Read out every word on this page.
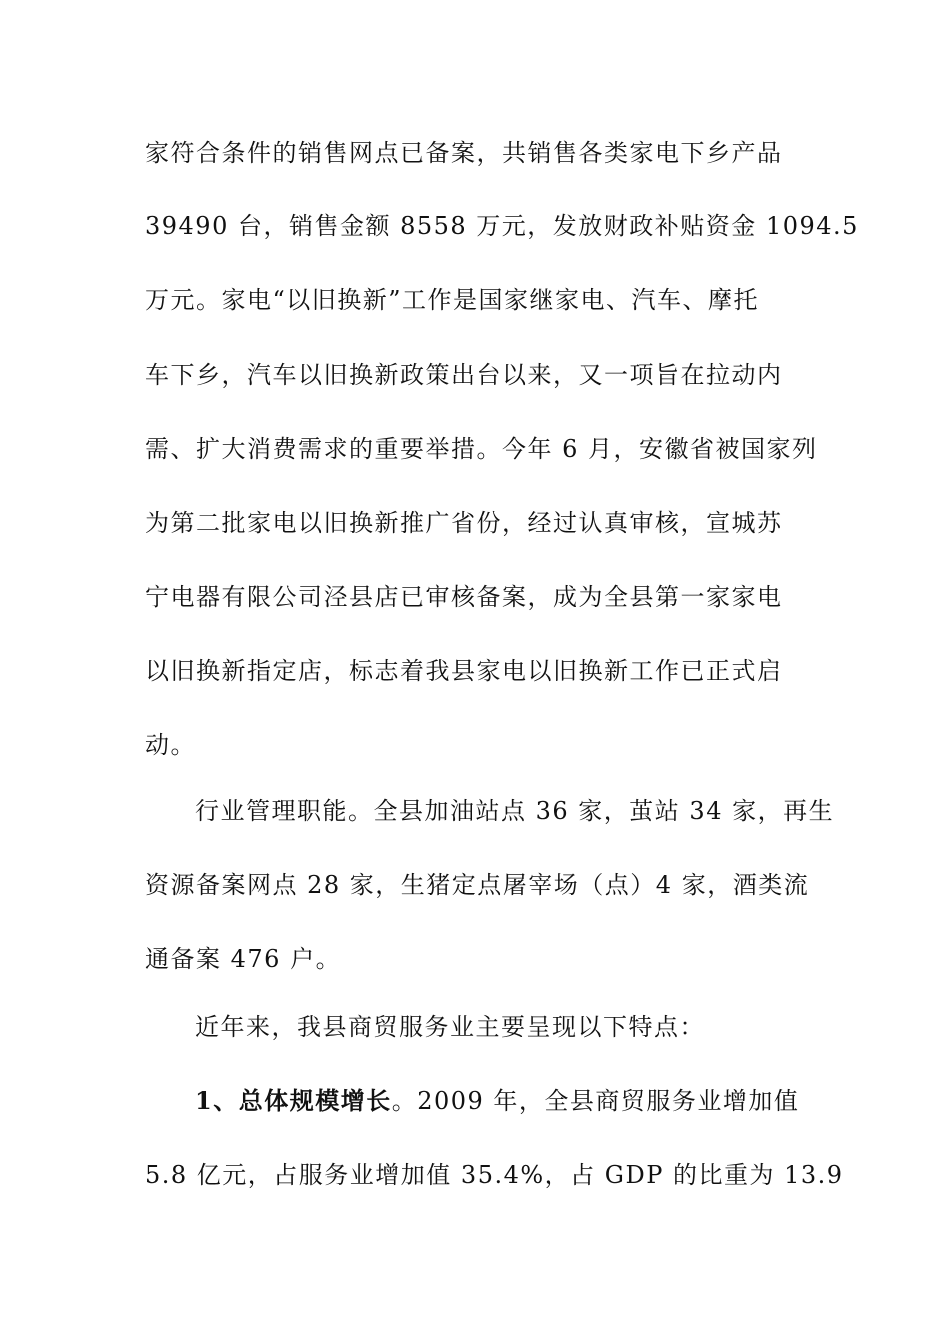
家符合条件的销售网点已备案，共销售各类家电下乡产品
39490 台，销售金额 8558 万元，发放财政补贴资金 1094.5
万元。家电“以旧换新”工作是国家继家电、汽车、摩托
车下乡，汽车以旧换新政策出台以来，又一项旨在拉动内
需、扩大消费需求的重要举措。今年 6 月，安徽省被国家列
为第二批家电以旧换新推广省份，经过认真审核，宣城苏
宁电器有限公司泾县店已审核备案，成为全县第一家家电
以旧换新指定店，标志着我县家电以旧换新工作已正式启
动。
行业管理职能。全县加油站点 36 家，茧站 34 家，再生
资源备案网点 28 家，生猪定点屠宰场（点）4 家，酒类流
通备案 476 户。
近年来，我县商贸服务业主要呈现以下特点：
1、总体规模增长。2009 年，全县商贸服务业增加值
5.8 亿元，占服务业增加值 35.4%，占 GDP 的比重为 13.9
